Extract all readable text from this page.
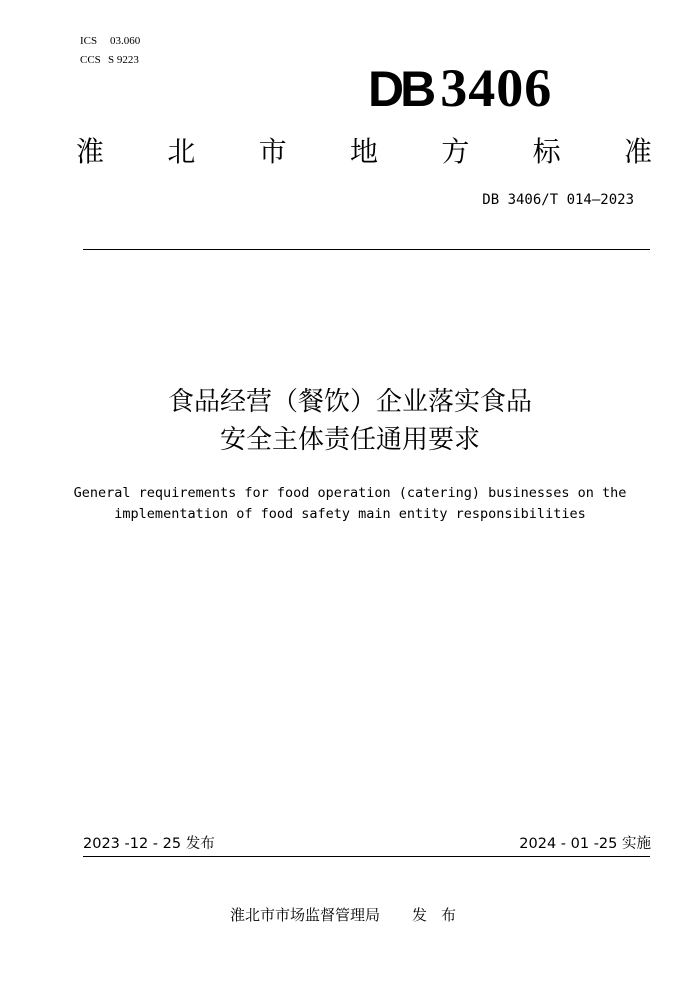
ICS 03.060
CCS S 9223
DB 3406
淮 北 市 地 方 标 准
DB 3406/T 014—2023
食品经营（餐饮）企业落实食品
安全主体责任通用要求
General requirements for food operation (catering) businesses on the
implementation of food safety main entity responsibilities
2023 -12 - 25 发布	2024 - 01 -25 实施
淮北市市场监督管理局 发布
